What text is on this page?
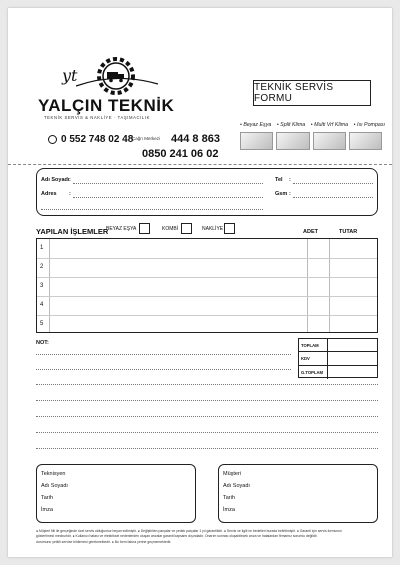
yt
YALÇIN TEKNİK
TEKNİK SERVİS & NAKLİYE · TAŞIMACILIK
TEKNİK SERVİS FORMU
• Beyaz Eşya • Split Klima • Multi Vrf Klima • Isı Pompası
0 552 748 02 48
Çağrı Merkezi 444 8 863
0850 241 06 02
Adı Soyadı :
Adres :
Tel :
Gsm :
YAPILAN İŞLEMLER
BEYAZ EŞYA	KOMBİ	NAKLİYE	ADET	TUTAR
1
2
3
4
5
NOT:	TOPLAM
KDV
G.TOPLAM
Teknisyen
Adı Soyadı
Tarih
İmza
Müşteri
Adı Soyadı
Tarih
İmza
● Müşteri fiili ile gerçeğinde özel servis olduğumuz beyan edilmiştir. ● Değiştirilen parçalar ve yedek parçalar 1 yıl garantilidir. ● Servis ve ilgili ve bedelleri burada belirtilmiştir. ● Garanti için servis formunun
gösterilmesi mecburidir. ● Kullanıcı hatası ve elektriksel nedenlerden oluşan arızalar garanti kapsamı dışındadır. Onarım sonrası oluşabilecek arıza ve hatalardan firmamız sorumlu değildir.
durumunu yetkili servise bildirmesi gerekmektedir. ● Bu form fatura yerine geçmemektedir.
